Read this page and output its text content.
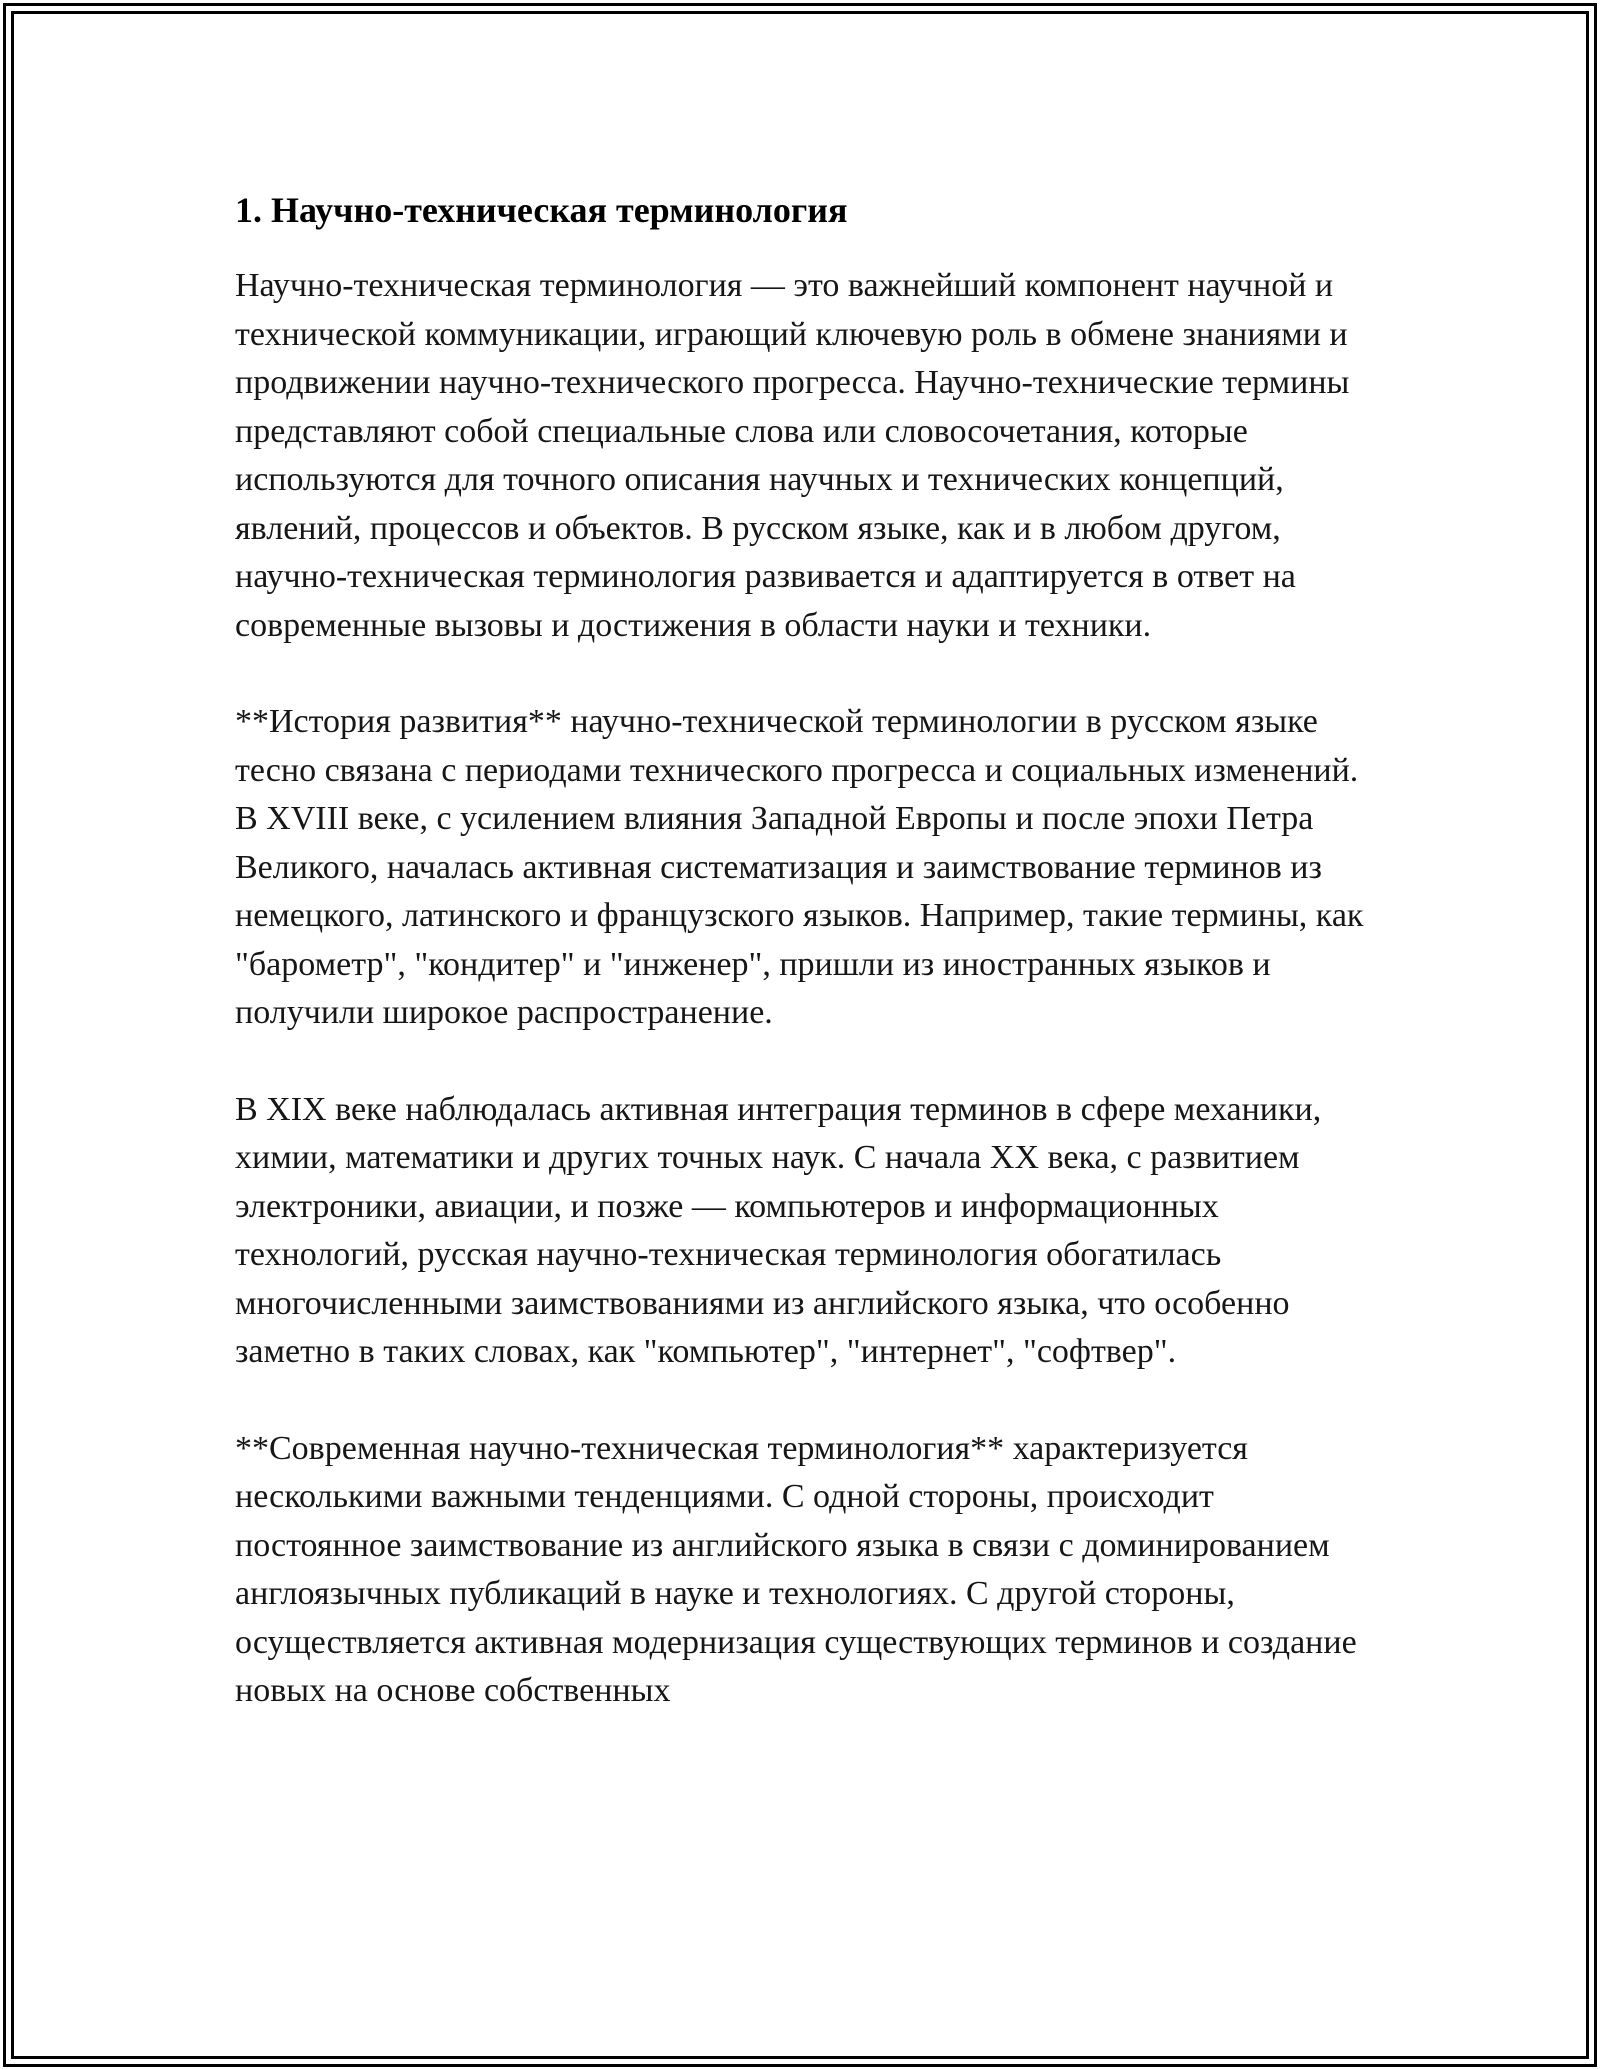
1. Научно-техническая терминология

Научно-техническая терминология — это важнейший компонент научной и технической коммуникации, играющий ключевую роль в обмене знаниями и продвижении научно-технического прогресса. Научно-технические термины представляют собой специальные слова или словосочетания, которые используются для точного описания научных и технических концепций, явлений, процессов и объектов. В русском языке, как и в любом другом, научно-техническая терминология развивается и адаптируется в ответ на современные вызовы и достижения в области науки и техники.

**История развития** научно-технической терминологии в русском языке тесно связана с периодами технического прогресса и социальных изменений. В XVIII веке, с усилением влияния Западной Европы и после эпохи Петра Великого, началась активная систематизация и заимствование терминов из немецкого, латинского и французского языков. Например, такие термины, как "барометр", "кондитер" и "инженер", пришли из иностранных языков и получили широкое распространение.

В XIX веке наблюдалась активная интеграция терминов в сфере механики, химии, математики и других точных наук. С начала XX века, с развитием электроники, авиации, и позже — компьютеров и информационных технологий, русская научно-техническая терминология обогатилась многочисленными заимствованиями из английского языка, что особенно заметно в таких словах, как "компьютер", "интернет", "софтвер".

**Современная научно-техническая терминология** характеризуется несколькими важными тенденциями. С одной стороны, происходит постоянное заимствование из английского языка в связи с доминированием англоязычных публикаций в науке и технологиях. С другой стороны, осуществляется активная модернизация существующих терминов и создание новых на основе собственных
